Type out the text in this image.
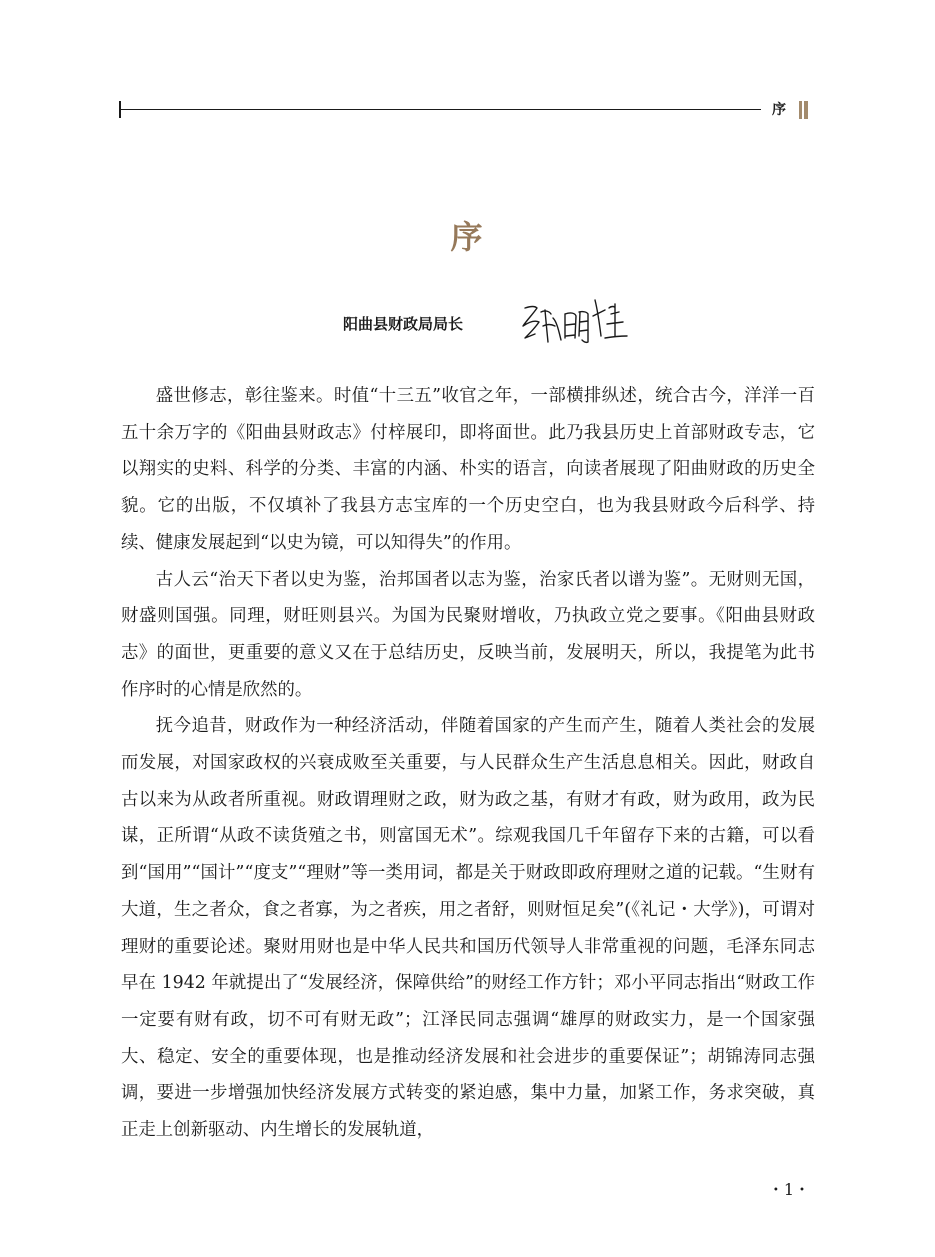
序
序
阳曲县财政局局长

盛世修志，彰往鉴来。时值“十三五”收官之年，一部横排纵述，统合古今，洋洋一百五十余万字的《阳曲县财政志》付梓展印，即将面世。此乃我县历史上首部财政专志，它以翔实的史料、科学的分类、丰富的内涵、朴实的语言，向读者展现了阳曲财政的历史全貌。它的出版，不仅填补了我县方志宝库的一个历史空白，也为我县财政今后科学、持续、健康发展起到“以史为镜，可以知得失”的作用。

古人云“治天下者以史为鉴，治邦国者以志为鉴，治家氏者以谱为鉴”。无财则无国，财盛则国强。同理，财旺则县兴。为国为民聚财增收，乃执政立党之要事。《阳曲县财政志》的面世，更重要的意义又在于总结历史，反映当前，发展明天，所以，我提笔为此书作序时的心情是欣然的。

抚今追昔，财政作为一种经济活动，伴随着国家的产生而产生，随着人类社会的发展而发展，对国家政权的兴衰成败至关重要，与人民群众生产生活息息相关。因此，财政自古以来为从政者所重视。财政谓理财之政，财为政之基，有财才有政，财为政用，政为民谋，正所谓“从政不读货殖之书，则富国无术”。综观我国几千年留存下来的古籍，可以看到“国用”“国计”“度支”“理财”等一类用词，都是关于财政即政府理财之道的记载。“生财有大道，生之者众，食之者寡，为之者疾，用之者舒，则财恒足矣”(《礼记・大学》)，可谓对理财的重要论述。聚财用财也是中华人民共和国历代领导人非常重视的问题，毛泽东同志早在 1942 年就提出了“发展经济，保障供给”的财经工作方针；邓小平同志指出“财政工作一定要有财有政，切不可有财无政”；江泽民同志强调“雄厚的财政实力，是一个国家强大、稳定、安全的重要体现，也是推动经济发展和社会进步的重要保证”；胡锦涛同志强调，要进一步增强加快经济发展方式转变的紧迫感，集中力量，加紧工作，务求突破，真正走上创新驱动、内生增长的发展轨道，

・1・
